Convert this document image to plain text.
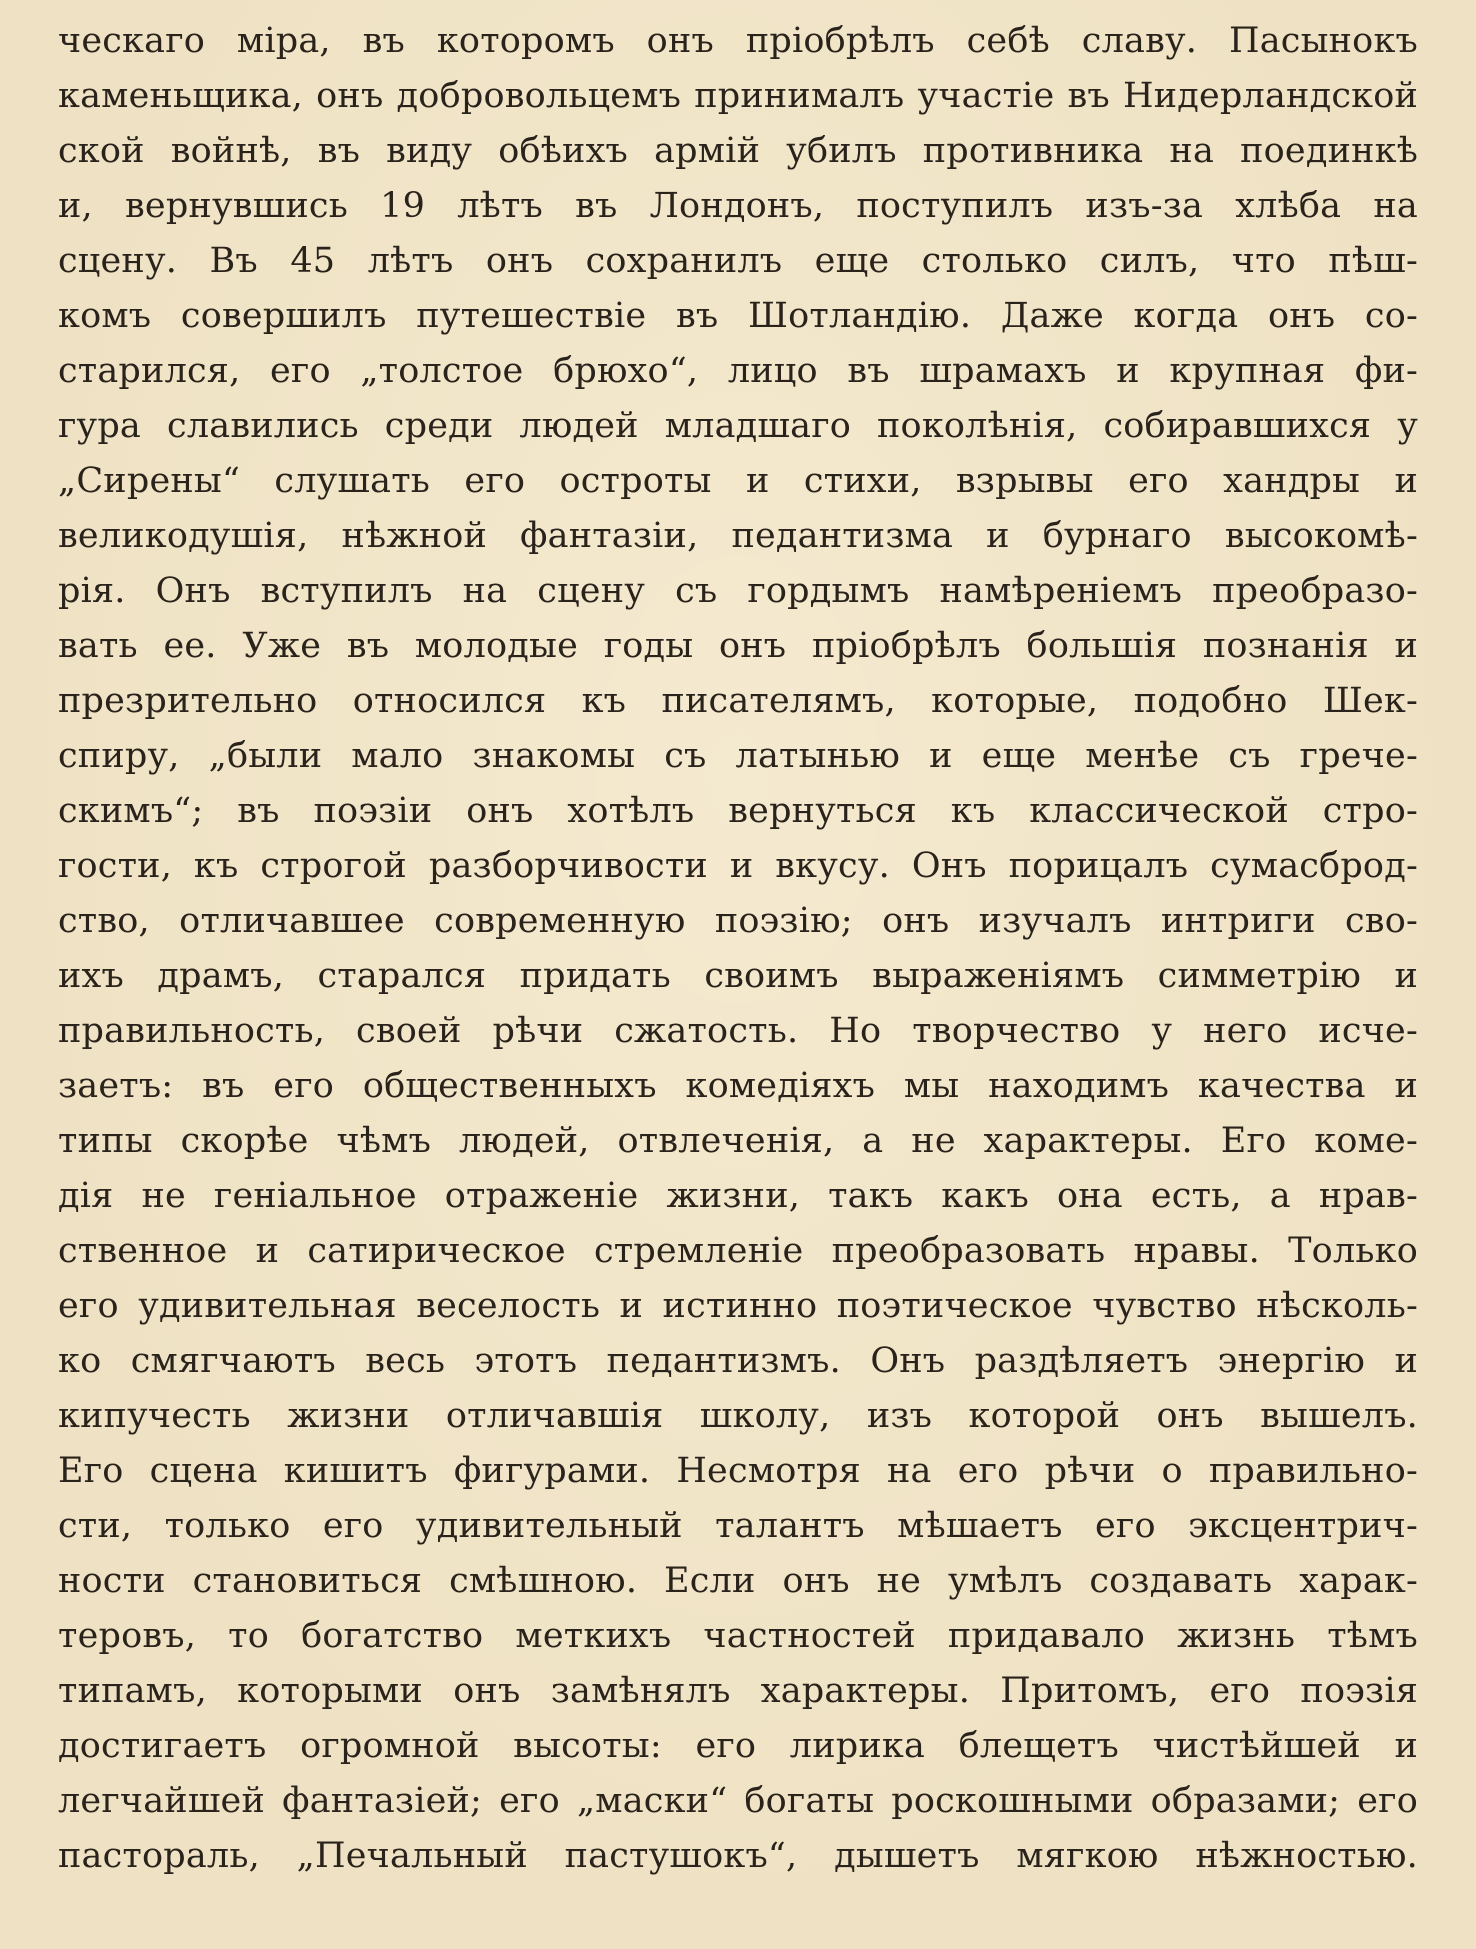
ческаго міра, въ которомъ онъ пріобрѣлъ себѣ славу. Пасынокъ
каменьщика, онъ добровольцемъ принималъ участіе въ Нидерландской
ской войнѣ, въ виду обѣихъ армій убилъ противника на поединкѣ
и, вернувшись 19 лѣтъ въ Лондонъ, поступилъ изъ-за хлѣба на
сцену. Въ 45 лѣтъ онъ сохранилъ еще столько силъ, что пѣш-
комъ совершилъ путешествіе въ Шотландію. Даже когда онъ со-
старился, его „толстое брюхо“, лицо въ шрамахъ и крупная фи-
гура славились среди людей младшаго поколѣнія, собиравшихся у
„Сирены“ слушать его остроты и стихи, взрывы его хандры и
великодушія, нѣжной фантазіи, педантизма и бурнаго высокомѣ-
рія. Онъ вступилъ на сцену съ гордымъ намѣреніемъ преобразо-
вать ее. Уже въ молодые годы онъ пріобрѣлъ большія познанія и
презрительно относился къ писателямъ, которые, подобно Шек-
спиру, „были мало знакомы съ латынью и еще менѣе съ грече-
скимъ“; въ поэзіи онъ хотѣлъ вернуться къ классической стро-
гости, къ строгой разборчивости и вкусу. Онъ порицалъ сумасброд-
ство, отличавшее современную поэзію; онъ изучалъ интриги сво-
ихъ драмъ, старался придать своимъ выраженіямъ симметрію и
правильность, своей рѣчи сжатость. Но творчество у него исче-
заетъ: въ его общественныхъ комедіяхъ мы находимъ качества и
типы скорѣе чѣмъ людей, отвлеченія, а не характеры. Его коме-
дія не геніальное отраженіе жизни, такъ какъ она есть, а нрав-
ственное и сатирическое стремленіе преобразовать нравы. Только
его удивительная веселость и истинно поэтическое чувство нѣсколь-
ко смягчаютъ весь этотъ педантизмъ. Онъ раздѣляетъ энергію и
кипучесть жизни отличавшія школу, изъ которой онъ вышелъ.
Его сцена кишитъ фигурами. Несмотря на его рѣчи о правильно-
сти, только его удивительный талантъ мѣшаетъ его эксцентрич-
ности становиться смѣшною. Если онъ не умѣлъ создавать харак-
теровъ, то богатство меткихъ частностей придавало жизнь тѣмъ
типамъ, которыми онъ замѣнялъ характеры. Притомъ, его поэзія
достигаетъ огромной высоты: его лирика блещетъ чистѣйшей и
легчайшей фантазіей; его „маски“ богаты роскошными образами; его
пастораль, „Печальный пастушокъ“, дышетъ мягкою нѣжностью.
